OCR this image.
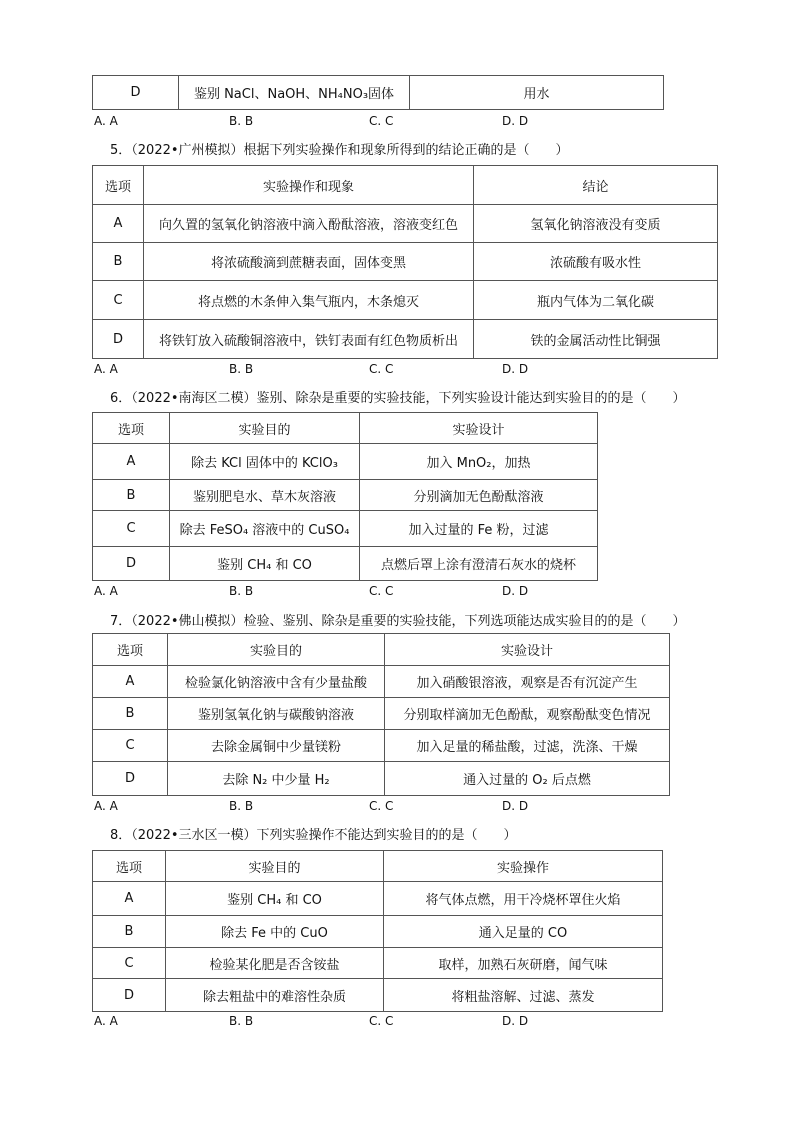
D	鉴别 NaCl、NaOH、NH₄NO₃固体	用水
A. A	B. B	C. C	D. D
5．（2022•广州模拟）根据下列实验操作和现象所得到的结论正确的是（　　）
选项	实验操作和现象	结论
A	向久置的氢氧化钠溶液中滴入酚酞溶液，溶液变红色	氢氧化钠溶液没有变质
B	将浓硫酸滴到蔗糖表面，固体变黑	浓硫酸有吸水性
C	将点燃的木条伸入集气瓶内，木条熄灭	瓶内气体为二氧化碳
D	将铁钉放入硫酸铜溶液中，铁钉表面有红色物质析出	铁的金属活动性比铜强
A. A	B. B	C. C	D. D
6．（2022•南海区二模）鉴别、除杂是重要的实验技能，下列实验设计能达到实验目的的是（　　）
选项	实验目的	实验设计
A	除去 KCl 固体中的 KClO₃	加入 MnO₂，加热
B	鉴别肥皂水、草木灰溶液	分别滴加无色酚酞溶液
C	除去 FeSO₄ 溶液中的 CuSO₄	加入过量的 Fe 粉，过滤
D	鉴别 CH₄ 和 CO	点燃后罩上涂有澄清石灰水的烧杯
A. A	B. B	C. C	D. D
7．（2022•佛山模拟）检验、鉴别、除杂是重要的实验技能，下列选项能达成实验目的的是（　　）
选项	实验目的	实验设计
A	检验氯化钠溶液中含有少量盐酸	加入硝酸银溶液，观察是否有沉淀产生
B	鉴别氢氧化钠与碳酸钠溶液	分别取样滴加无色酚酞，观察酚酞变色情况
C	去除金属铜中少量镁粉	加入足量的稀盐酸，过滤，洗涤、干燥
D	去除 N₂ 中少量 H₂	通入过量的 O₂ 后点燃
A. A	B. B	C. C	D. D
8．（2022•三水区一模）下列实验操作不能达到实验目的的是（　　）
选项	实验目的	实验操作
A	鉴别 CH₄ 和 CO	将气体点燃，用干冷烧杯罩住火焰
B	除去 Fe 中的 CuO	通入足量的 CO
C	检验某化肥是否含铵盐	取样，加熟石灰研磨，闻气味
D	除去粗盐中的难溶性杂质	将粗盐溶解、过滤、蒸发
A. A	B. B	C. C	D. D
